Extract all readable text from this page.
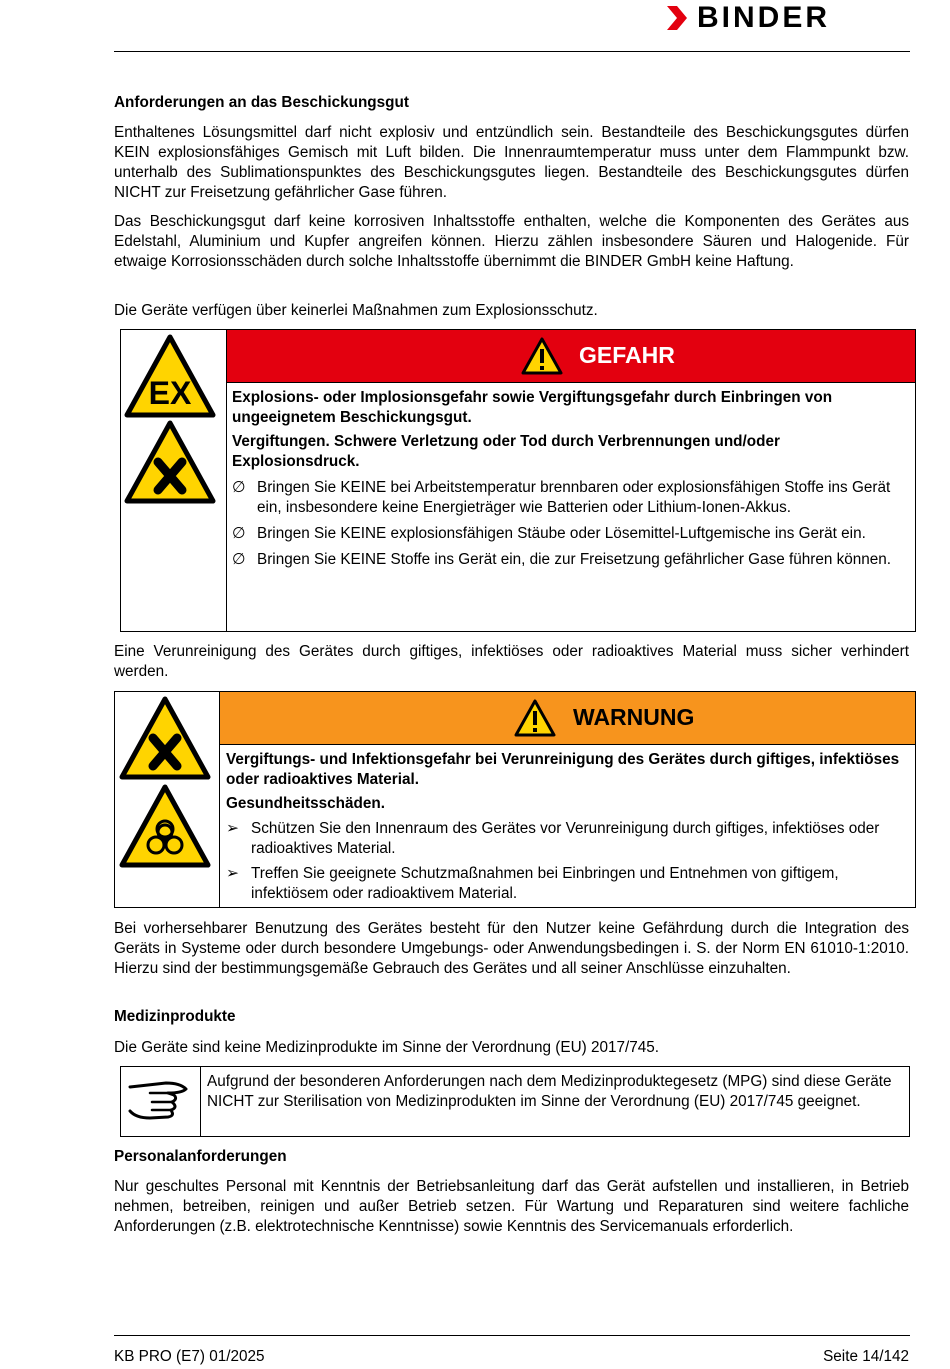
BINDER
Anforderungen an das Beschickungsgut
Enthaltenes Lösungsmittel darf nicht explosiv und entzündlich sein. Bestandteile des Beschickungsgutes dürfen KEIN explosionsfähiges Gemisch mit Luft bilden. Die Innenraumtemperatur muss unter dem Flammpunkt bzw. unterhalb des Sublimationspunktes des Beschickungsgutes liegen. Bestandteile des Beschickungsgutes dürfen NICHT zur Freisetzung gefährlicher Gase führen.
Das Beschickungsgut darf keine korrosiven Inhaltsstoffe enthalten, welche die Komponenten des Gerätes aus Edelstahl, Aluminium und Kupfer angreifen können. Hierzu zählen insbesondere Säuren und Halogenide. Für etwaige Korrosionsschäden durch solche Inhaltsstoffe übernimmt die BINDER GmbH keine Haftung.
Die Geräte verfügen über keinerlei Maßnahmen zum Explosionsschutz.
GEFAHR
EX	Explosions- oder Implosionsgefahr sowie Vergiftungsgefahr durch Einbringen von ungeeignetem Beschickungsgut.
Vergiftungen. Schwere Verletzung oder Tod durch Verbrennungen und/oder Explosionsdruck.
∅ Bringen Sie KEINE bei Arbeitstemperatur brennbaren oder explosionsfähigen Stoffe ins Gerät ein, insbesondere keine Energieträger wie Batterien oder Lithium-Ionen-Akkus.
∅ Bringen Sie KEINE explosionsfähigen Stäube oder Lösemittel-Luftgemische ins Gerät ein.
∅ Bringen Sie KEINE Stoffe ins Gerät ein, die zur Freisetzung gefährlicher Gase führen können.
Eine Verunreinigung des Gerätes durch giftiges, infektiöses oder radioaktives Material muss sicher verhindert werden.
WARNUNG
Vergiftungs- und Infektionsgefahr bei Verunreinigung des Gerätes durch giftiges, infektiöses oder radioaktives Material.
Gesundheitsschäden.
➢ Schützen Sie den Innenraum des Gerätes vor Verunreinigung durch giftiges, infektiöses oder radioaktives Material.
➢ Treffen Sie geeignete Schutzmaßnahmen bei Einbringen und Entnehmen von giftigem, infektiösem oder radioaktivem Material.
Bei vorhersehbarer Benutzung des Gerätes besteht für den Nutzer keine Gefährdung durch die Integration des Geräts in Systeme oder durch besondere Umgebungs- oder Anwendungsbedingen i. S. der Norm EN 61010-1:2010. Hierzu sind der bestimmungsgemäße Gebrauch des Gerätes und all seiner Anschlüsse einzuhalten.
Medizinprodukte
Die Geräte sind keine Medizinprodukte im Sinne der Verordnung (EU) 2017/745.
Aufgrund der besonderen Anforderungen nach dem Medizinproduktegesetz (MPG) sind diese Geräte NICHT zur Sterilisation von Medizinprodukten im Sinne der Verordnung (EU) 2017/745 geeignet.
Personalanforderungen
Nur geschultes Personal mit Kenntnis der Betriebsanleitung darf das Gerät aufstellen und installieren, in Betrieb nehmen, betreiben, reinigen und außer Betrieb setzen. Für Wartung und Reparaturen sind weitere fachliche Anforderungen (z.B. elektrotechnische Kenntnisse) sowie Kenntnis des Servicemanuals erforderlich.
KB PRO (E7) 01/2025	Seite 14/142
